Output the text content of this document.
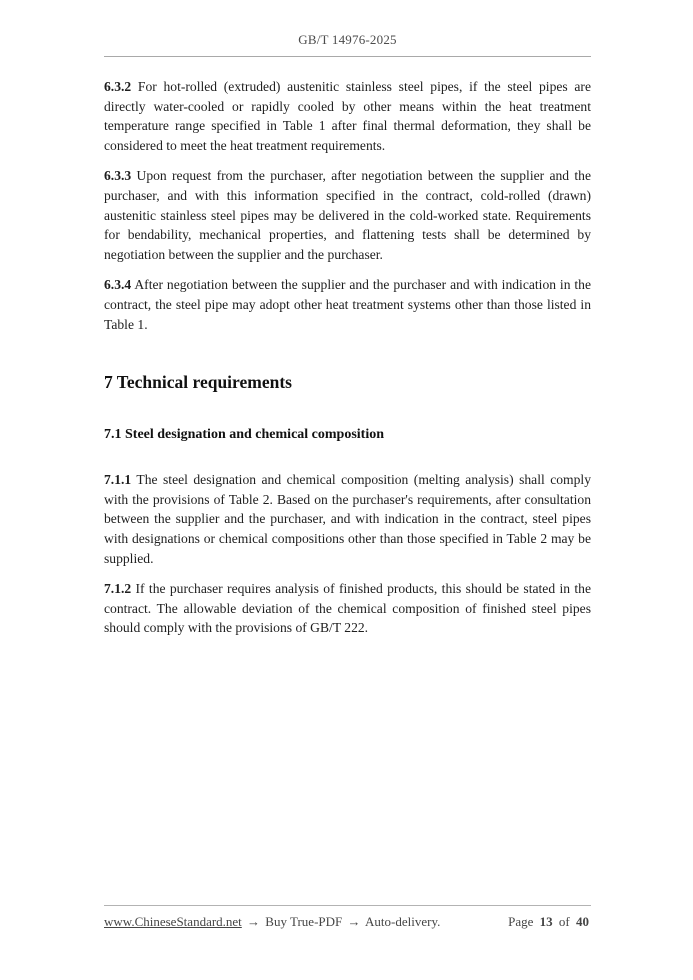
GB/T 14976-2025

6.3.2 For hot-rolled (extruded) austenitic stainless steel pipes, if the steel pipes are directly water-cooled or rapidly cooled by other means within the heat treatment temperature range specified in Table 1 after final thermal deformation, they shall be considered to meet the heat treatment requirements.

6.3.3 Upon request from the purchaser, after negotiation between the supplier and the purchaser, and with this information specified in the contract, cold-rolled (drawn) austenitic stainless steel pipes may be delivered in the cold-worked state. Requirements for bendability, mechanical properties, and flattening tests shall be determined by negotiation between the supplier and the purchaser.

6.3.4 After negotiation between the supplier and the purchaser and with indication in the contract, the steel pipe may adopt other heat treatment systems other than those listed in Table 1.

7 Technical requirements
7.1 Steel designation and chemical composition

7.1.1 The steel designation and chemical composition (melting analysis) shall comply with the provisions of Table 2. Based on the purchaser's requirements, after consultation between the supplier and the purchaser, and with indication in the contract, steel pipes with designations or chemical compositions other than those specified in Table 2 may be supplied.

7.1.2 If the purchaser requires analysis of finished products, this should be stated in the contract. The allowable deviation of the chemical composition of finished steel pipes should comply with the provisions of GB/T 222.

www.ChineseStandard.net → Buy True-PDF → Auto-delivery.	Page 13 of 40
